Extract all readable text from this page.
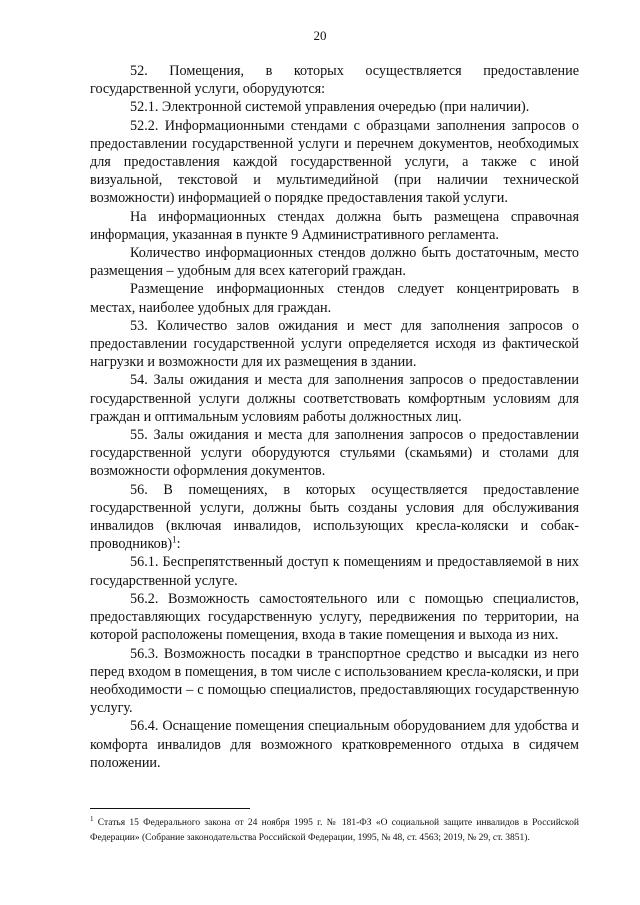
20

52. Помещения, в которых осуществляется предоставление государственной услуги, оборудуются:

52.1. Электронной системой управления очередью (при наличии).

52.2. Информационными стендами с образцами заполнения запросов о предоставлении государственной услуги и перечнем документов, необходимых для предоставления каждой государственной услуги, а также с иной визуальной, текстовой и мультимедийной (при наличии технической возможности) информацией о порядке предоставления такой услуги.

На информационных стендах должна быть размещена справочная информация, указанная в пункте 9 Административного регламента.

Количество информационных стендов должно быть достаточным, место размещения – удобным для всех категорий граждан.

Размещение информационных стендов следует концентрировать в местах, наиболее удобных для граждан.

53. Количество залов ожидания и мест для заполнения запросов о предоставлении государственной услуги определяется исходя из фактической нагрузки и возможности для их размещения в здании.

54. Залы ожидания и места для заполнения запросов о предоставлении государственной услуги должны соответствовать комфортным условиям для граждан и оптимальным условиям работы должностных лиц.

55. Залы ожидания и места для заполнения запросов о предоставлении государственной услуги оборудуются стульями (скамьями) и столами для возможности оформления документов.

56. В помещениях, в которых осуществляется предоставление государственной услуги, должны быть созданы условия для обслуживания инвалидов (включая инвалидов, использующих кресла-коляски и собак-проводников)$^1$:

56.1. Беспрепятственный доступ к помещениям и предоставляемой в них государственной услуге.

56.2. Возможность самостоятельного или с помощью специалистов, предоставляющих государственную услугу, передвижения по территории, на которой расположены помещения, входа в такие помещения и выхода из них.

56.3. Возможность посадки в транспортное средство и высадки из него перед входом в помещения, в том числе с использованием кресла-коляски, и при необходимости – с помощью специалистов, предоставляющих государственную услугу.

56.4. Оснащение помещения специальным оборудованием для удобства и комфорта инвалидов для возможного кратковременного отдыха в сидячем положении.

$^1$ Статья 15 Федерального закона от 24 ноября 1995 г. № 181-ФЗ «О социальной защите инвалидов в Российской Федерации» (Собрание законодательства Российской Федерации, 1995, № 48, ст. 4563; 2019, № 29, ст. 3851).
